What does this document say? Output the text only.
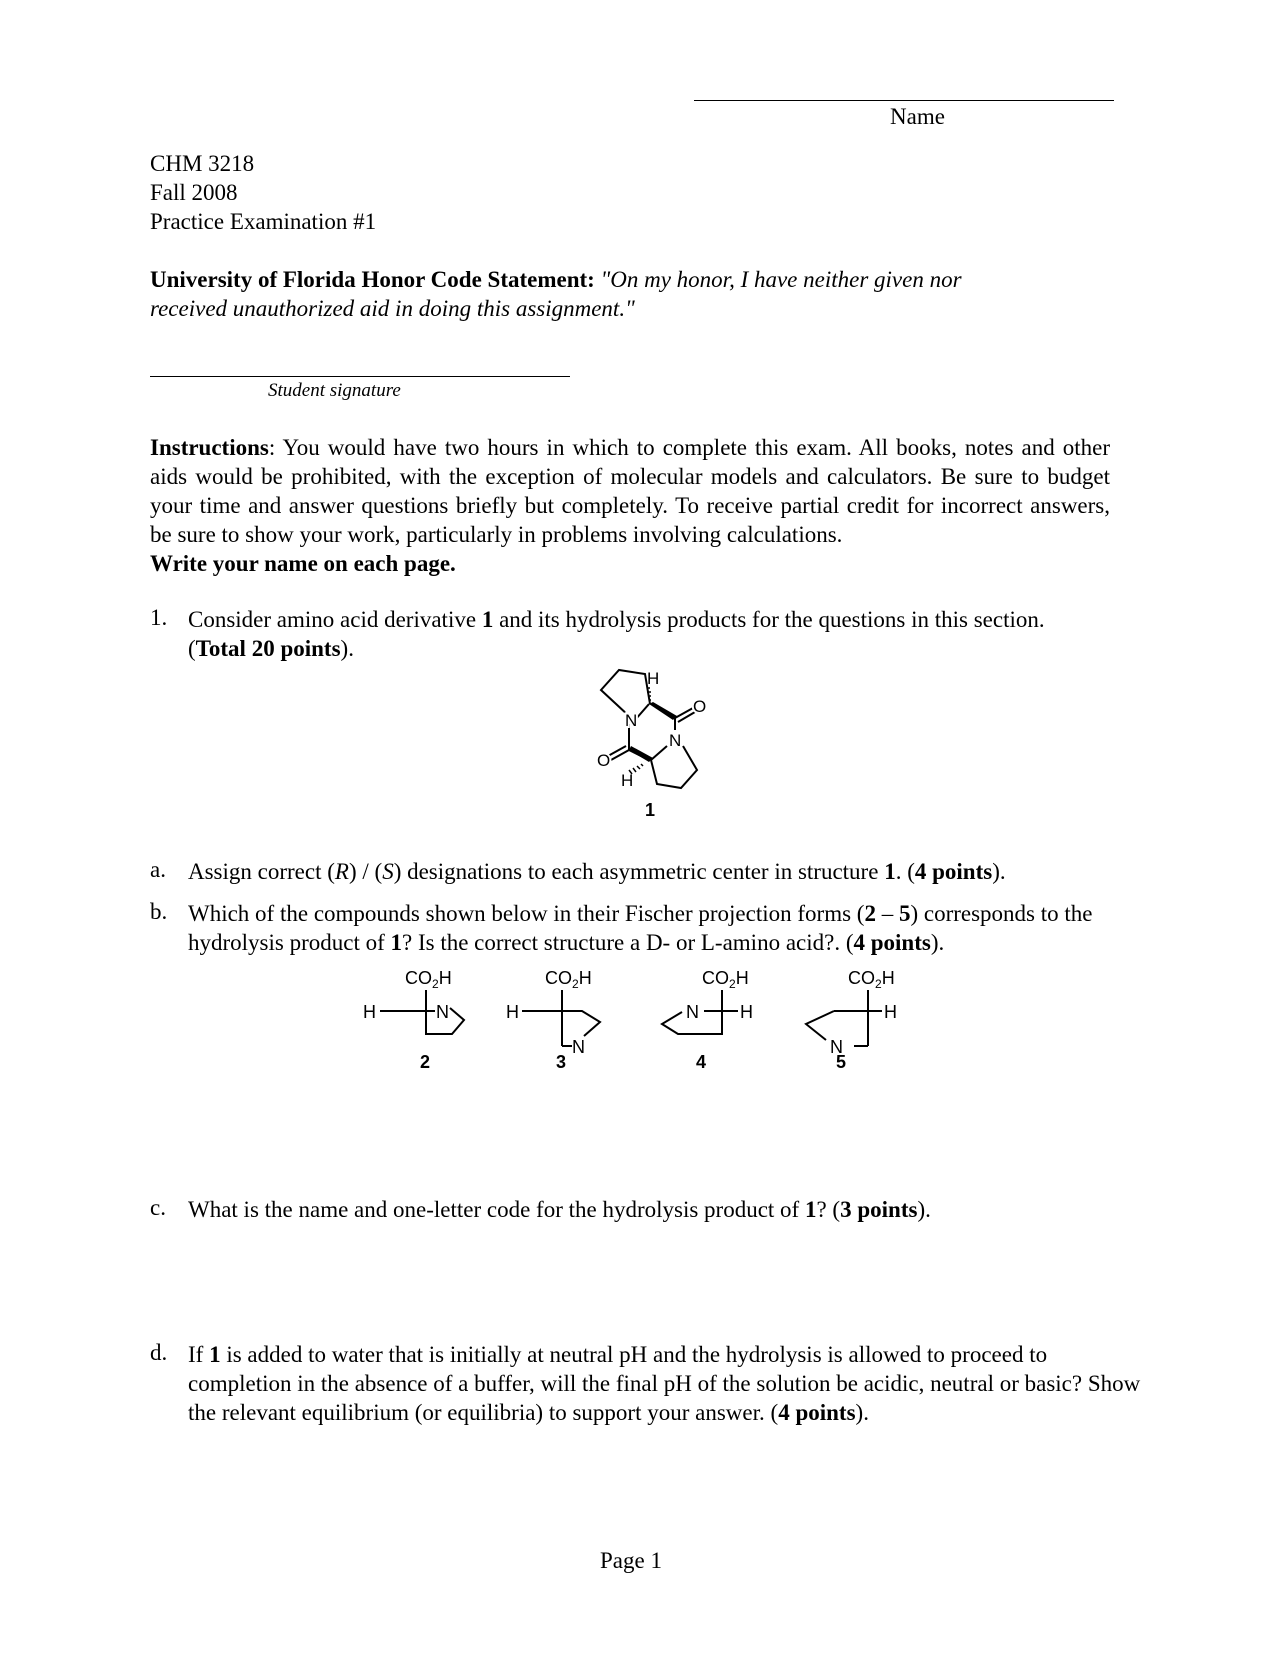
Name
CHM 3218
Fall 2008
Practice Examination #1
University of Florida Honor Code Statement: "On my honor, I have neither given nor
received unauthorized aid in doing this assignment."
Student signature
Instructions: You would have two hours in which to complete this exam. All books, notes and other aids would be prohibited, with the exception of molecular models and calculators. Be sure to budget your time and answer questions briefly but completely. To receive partial credit for incorrect answers, be sure to show your work, particularly in problems involving calculations.
Write your name on each page.
1. Consider amino acid derivative 1 and its hydrolysis products for the questions in this section.
(Total 20 points).
N
N
O
O
H
H
1
a. Assign correct (R) / (S) designations to each asymmetric center in structure 1. (4 points).
b. Which of the compounds shown below in their Fischer projection forms (2 – 5) corresponds to the hydrolysis product of 1? Is the correct structure a D- or L-amino acid?. (4 points).
$CO_2H$
H	N
2
$CO_2H$
H
N
3
$CO_2H$
N H
4
$CO_2H$
H
N
5
c. What is the name and one-letter code for the hydrolysis product of 1? (3 points).
d. If 1 is added to water that is initially at neutral pH and the hydrolysis is allowed to proceed to completion in the absence of a buffer, will the final pH of the solution be acidic, neutral or basic? Show the relevant equilibrium (or equilibria) to support your answer. (4 points).
Page 1
